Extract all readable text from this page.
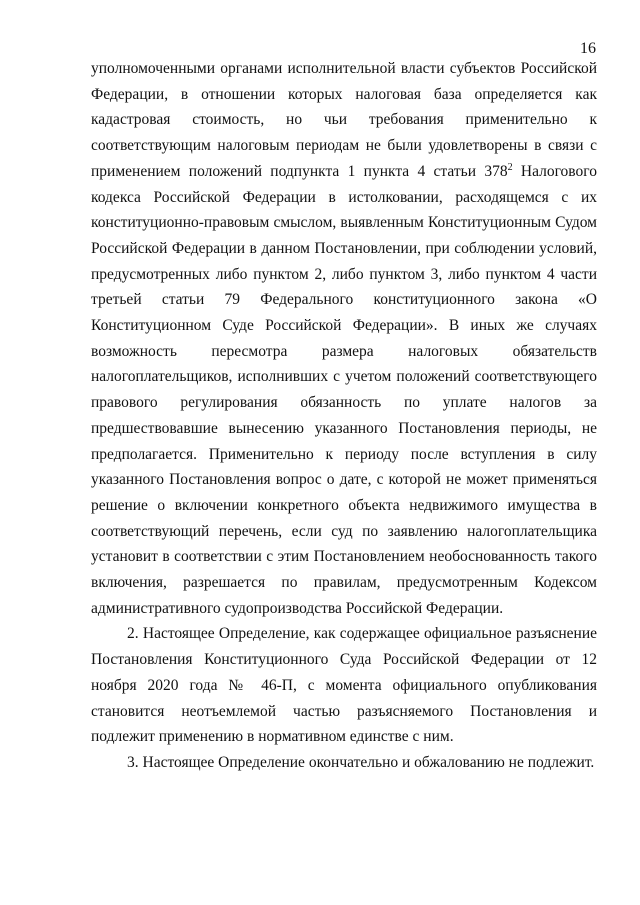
16

уполномоченными органами исполнительной власти субъектов Российской Федерации, в отношении которых налоговая база определяется как кадастровая стоимость, но чьи требования применительно к соответствующим налоговым периодам не были удовлетворены в связи с применением положений подпункта 1 пункта 4 статьи $378^2$ Налогового кодекса Российской Федерации в истолковании, расходящемся с их конституционно-правовым смыслом, выявленным Конституционным Судом Российской Федерации в данном Постановлении, при соблюдении условий, предусмотренных либо пунктом 2, либо пунктом 3, либо пунктом 4 части третьей статьи 79 Федерального конституционного закона «О Конституционном Суде Российской Федерации». В иных же случаях возможность пересмотра размера налоговых обязательств налогоплательщиков, исполнивших с учетом положений соответствующего правового регулирования обязанность по уплате налогов за предшествовавшие вынесению указанного Постановления периоды, не предполагается. Применительно к периоду после вступления в силу указанного Постановления вопрос о дате, с которой не может применяться решение о включении конкретного объекта недвижимого имущества в соответствующий перечень, если суд по заявлению налогоплательщика установит в соответствии с этим Постановлением необоснованность такого включения, разрешается по правилам, предусмотренным Кодексом административного судопроизводства Российской Федерации.

2. Настоящее Определение, как содержащее официальное разъяснение Постановления Конституционного Суда Российской Федерации от 12 ноября 2020 года № 46-П, с момента официального опубликования становится неотъемлемой частью разъясняемого Постановления и подлежит применению в нормативном единстве с ним.

3. Настоящее Определение окончательно и обжалованию не подлежит.
